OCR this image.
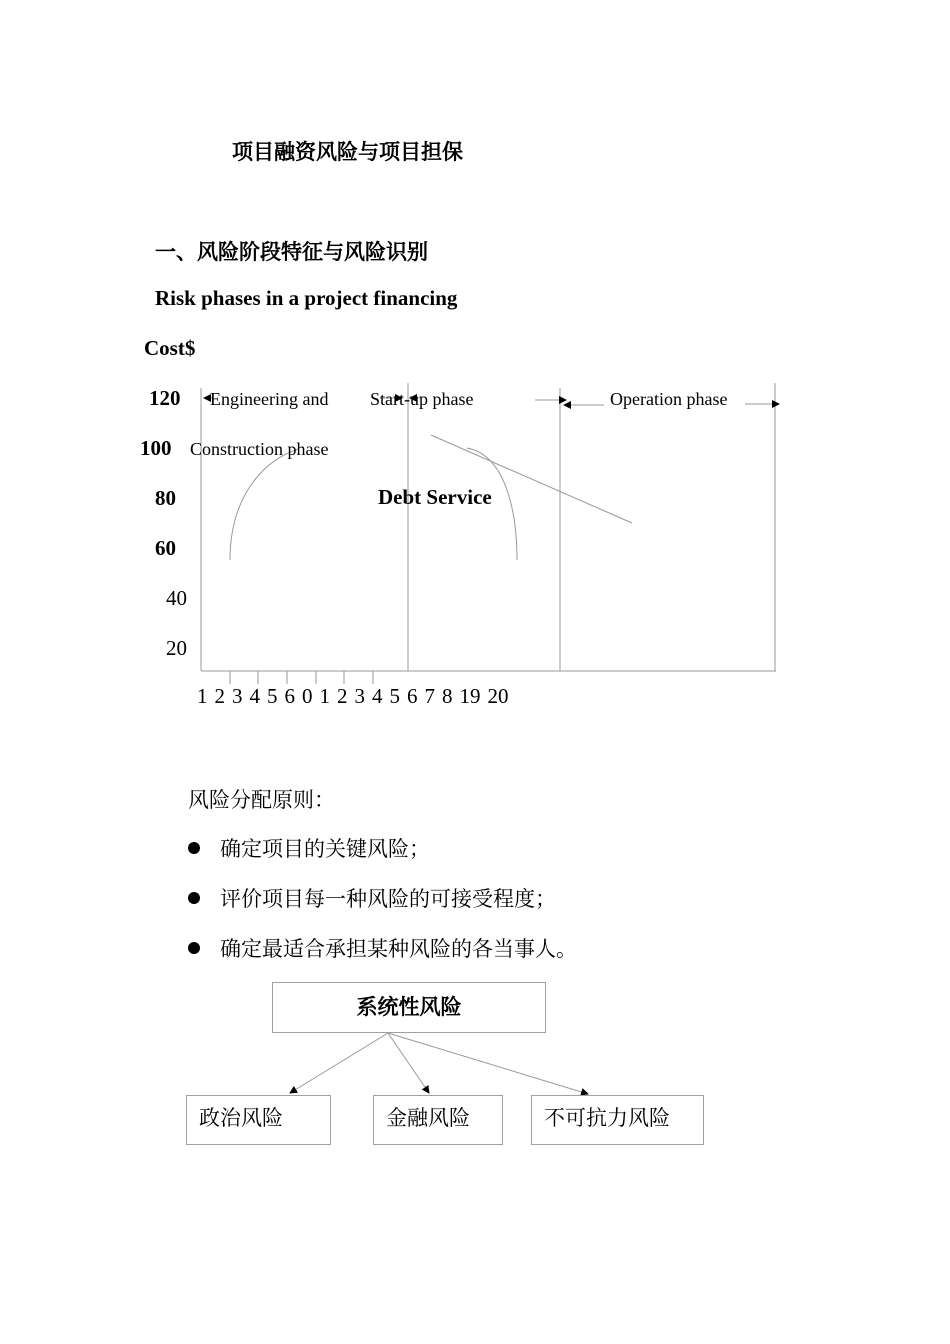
项目融资风险与项目担保
一、风险阶段特征与风险识别
Risk phases in a project financing
Cost$
120
100
80
60
40
20
Engineering and
Construction phase
Start-up phase	Operation phase
Debt Service
1 2 3 4 5 6 0 1 2 3 4 5 6 7 8 19 20
风险分配原则：
确定项目的关键风险；
评价项目每一种风险的可接受程度；
确定最适合承担某种风险的各当事人。
系统性风险
政治风险	金融风险	不可抗力风险
